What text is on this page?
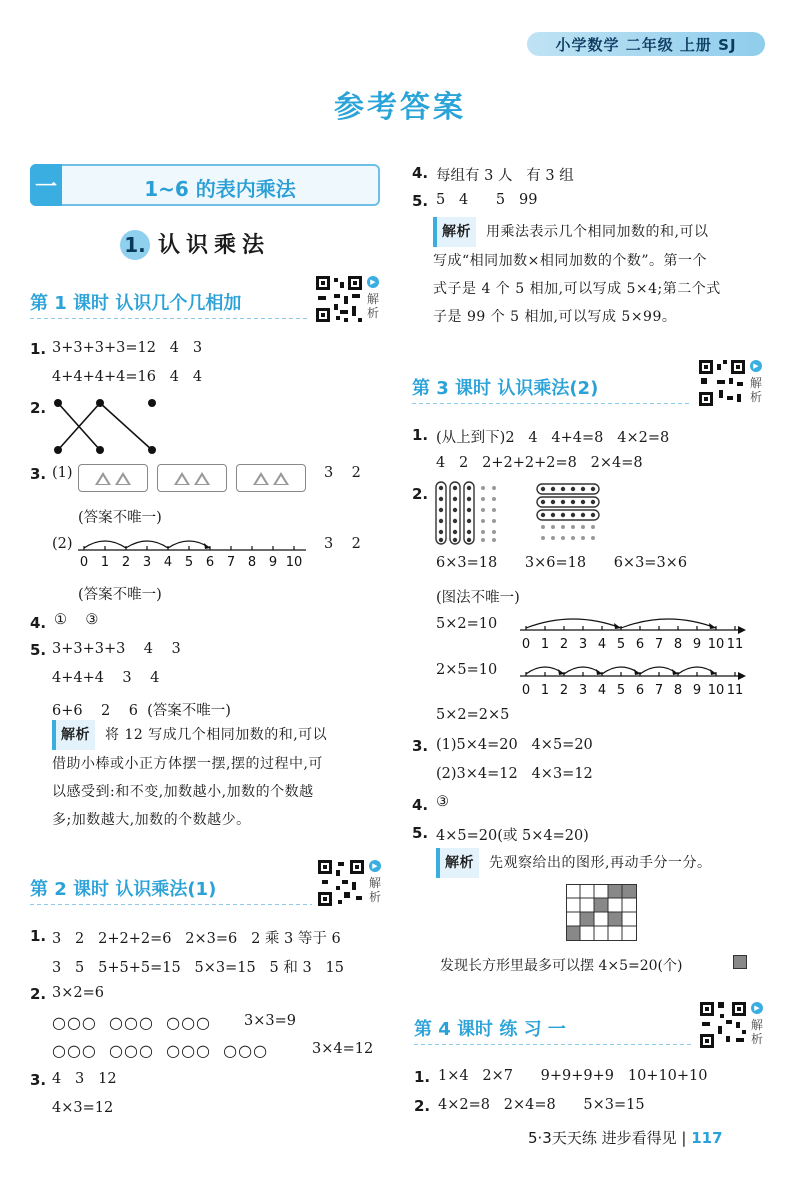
小学数学 二年级 上册 SJ
参考答案
一	1~6 的表内乘法
1. 认识乘法
第 1 课时 认识几个几相加
▶
解析
1. 3+3+3+3=12   4   3
4+4+4+4=16   4   4
2.
3. (1)	3    2
(答案不唯一)
(2)
0 1 2 3 4 5 6 7 8 9 10
3    2
(答案不唯一)
4. ①    ③
5. 3+3+3+3    4    3
4+4+4    3    4
6+6    2    6  (答案不唯一)
解析 将 12 写成几个相同加数的和,可以
借助小棒或小正方体摆一摆,摆的过程中,可
以感受到:和不变,加数越小,加数的个数越
多;加数越大,加数的个数越少。
第 2 课时 认识乘法(1)
▶
解析
1. 3   2   2+2+2=6   2×3=6   2 乘 3 等于 6
3   5   5+5+5=15   5×3=15   5 和 3   15
2. 3×2=6
○○○  ○○○  ○○○ 3×3=9
○○○  ○○○  ○○○  ○○○	3×4=12
3. 4   3   12
4×3=12
4. 每组有 3 人   有 3 组
5. 5   4      5   99
解析 用乘法表示几个相同加数的和,可以
写成“相同加数×相同加数的个数”。第一个
式子是 4 个 5 相加,可以写成 5×4;第二个式
子是 99 个 5 相加,可以写成 5×99。
第 3 课时 认识乘法(2)
▶
解析
1. (从上到下)2   4   4+4=8   4×2=8
4   2   2+2+2+2=8   2×4=8
2.
6×3=18      3×6=18      6×3=3×6
(图法不唯一)
5×2=10
0 1 2 3 4 5 6 7 8 9 10 11
2×5=10
0 1 2 3 4 5 6 7 8 9 10 11
5×2=2×5
3. (1)5×4=20   4×5=20
(2)3×4=12   4×3=12
4. ③
5. 4×5=20(或 5×4=20)
解析 先观察给出的图形,再动手分一分。
发现长方形里最多可以摆 4×5=20(个)
第 4 课时 练 习 一
▶
解析
1. 1×4   2×7      9+9+9+9   10+10+10
2. 4×2=8   2×4=8      5×3=15
5·3天天练 进步看得见 | 117
